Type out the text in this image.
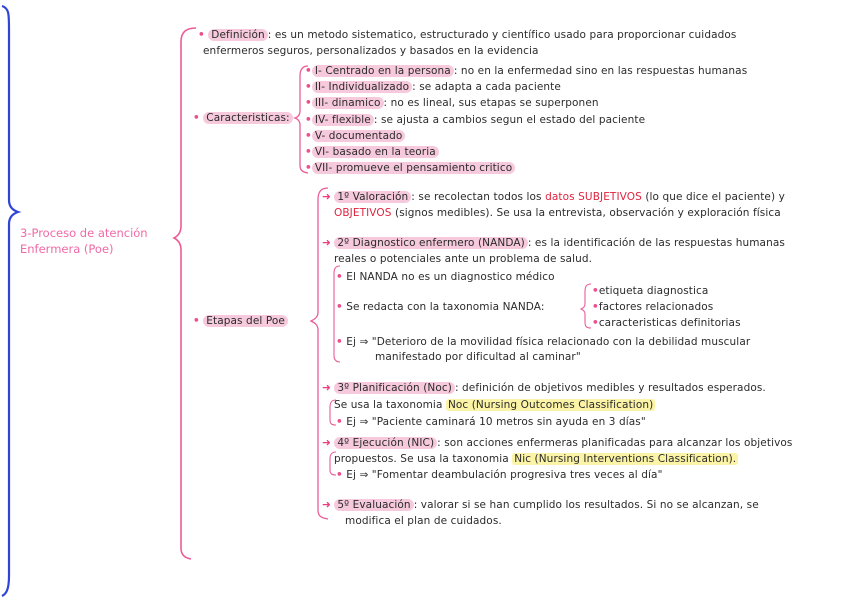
3-Proceso de atención Enfermera (Poe)
• Definición : es un metodo sistematico, estructurado y científico usado para proporcionar cuidados
enfermeros seguros, personalizados y basados en la evidencia
• Caracteristicas:
• I- Centrado en la persona : no en la enfermedad sino en las respuestas humanas
• II- Individualizado : se adapta a cada paciente
• III- dinamico : no es lineal, sus etapas se superponen
• IV- flexible : se ajusta a cambios segun el estado del paciente
• V- documentado
• VI- basado en la teoria
• VII- promueve el pensamiento critico
• Etapas del Poe
➜ 1º Valoración : se recolectan todos los datos SUBJETIVOS (lo que dice el paciente) y
OBJETIVOS (signos medibles). Se usa la entrevista, observación y exploración física
➜ 2º Diagnostico enfermero (NANDA) : es la identificación de las respuestas humanas
reales o potenciales ante un problema de salud.
• El NANDA no es un diagnostico médico
• Se redacta con la taxonomia NANDA:
•etiqueta diagnostica
•factores relacionados
•caracteristicas definitorias
• Ej ⇒ "Deterioro de la movilidad física relacionado con la debilidad muscular
manifestado por dificultad al caminar"
➜ 3º Planificación (Noc) : definición de objetivos medibles y resultados esperados.
Se usa la taxonomia Noc (Nursing Outcomes Classification)
• Ej ⇒ "Paciente caminará 10 metros sin ayuda en 3 días"
➜ 4º Ejecución (NIC) : son acciones enfermeras planificadas para alcanzar los objetivos
propuestos. Se usa la taxonomia Nic (Nursing Interventions Classification).
• Ej ⇒ "Fomentar deambulación progresiva tres veces al día"
➜ 5º Evaluación : valorar si se han cumplido los resultados. Si no se alcanzan, se
modifica el plan de cuidados.
